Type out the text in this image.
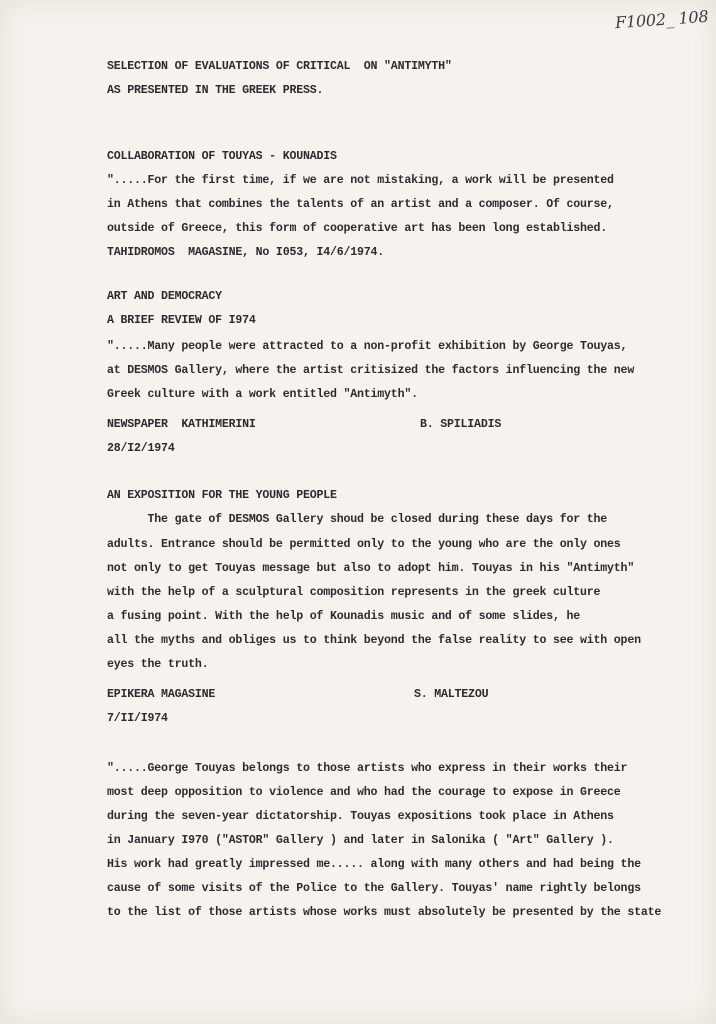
F1002_ 108
SELECTION OF EVALUATIONS OF CRITICAL  ON "ANTIMYTH"
AS PRESENTED IN THE GREEK PRESS.
COLLABORATION OF TOUYAS - KOUNADIS
".....For the first time, if we are not mistaking, a work will be presented
in Athens that combines the talents of an artist and a composer. Of course,
outside of Greece, this form of cooperative art has been long established.
TAHIDROMOS  MAGASINE, No I053, I4/6/1974.
ART AND DEMOCRACY
A BRIEF REVIEW OF I974
".....Many people were attracted to a non-profit exhibition by George Touyas,
at DESMOS Gallery, where the artist critisized the factors influencing the new
Greek culture with a work entitled "Antimyth".
NEWSPAPER  KATHIMERINI	B. SPILIADIS
28/I2/1974
AN EXPOSITION FOR THE YOUNG PEOPLE
The gate of DESMOS Gallery shoud be closed during these days for the
adults. Entrance should be permitted only to the young who are the only ones
not only to get Touyas message but also to adopt him. Touyas in his "Antimyth"
with the help of a sculptural composition represents in the greek culture
a fusing point. With the help of Kounadis music and of some slides, he
all the myths and obliges us to think beyond the false reality to see with open
eyes the truth.
EPIKERA MAGASINE	S. MALTEZOU
7/II/I974
".....George Touyas belongs to those artists who express in their works their
most deep opposition to violence and who had the courage to expose in Greece
during the seven-year dictatorship. Touyas expositions took place in Athens
in January I970 ("ASTOR" Gallery ) and later in Salonika ( "Art" Gallery ).
His work had greatly impressed me..... along with many others and had being the
cause of some visits of the Police to the Gallery. Touyas' name rightly belongs
to the list of those artists whose works must absolutely be presented by the state
